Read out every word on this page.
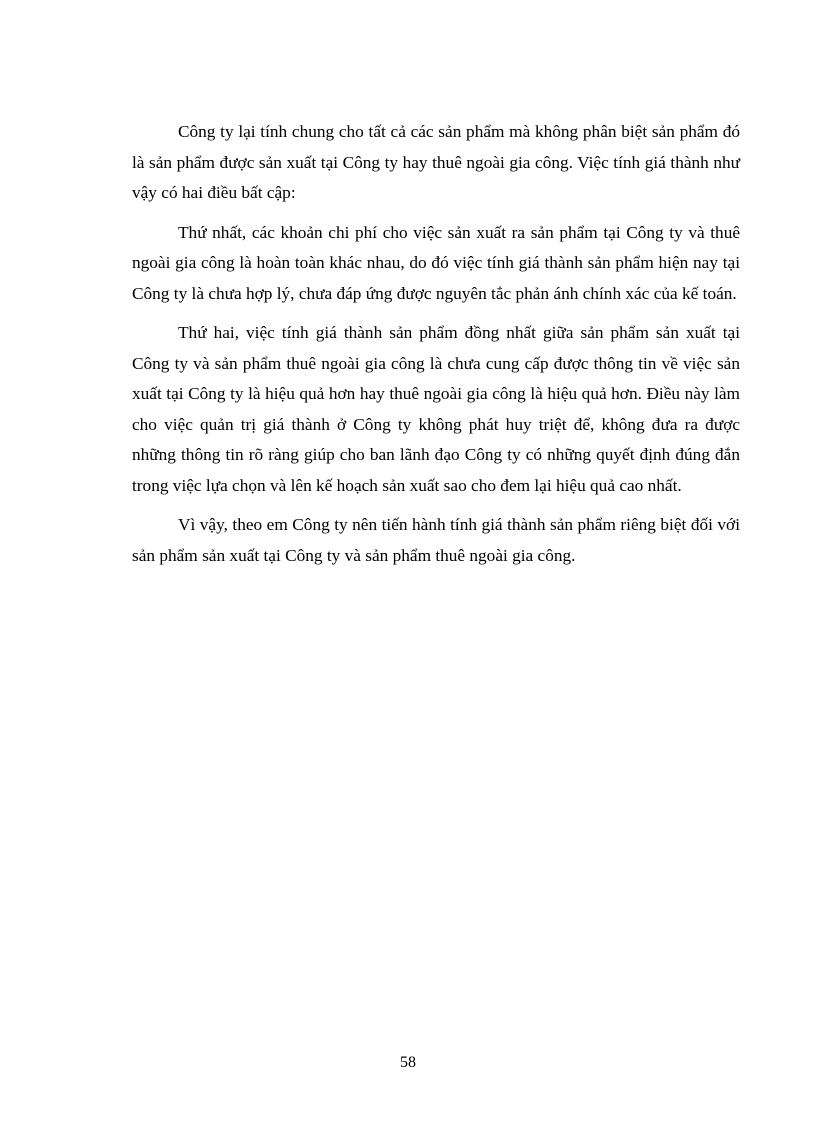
Công ty lại tính chung cho tất cả các sản phẩm mà không phân biệt sản phẩm đó là sản phẩm được sản xuất tại Công ty hay thuê ngoài gia công. Việc tính giá thành như vậy có hai điều bất cập:

Thứ nhất, các khoản chi phí cho việc sản xuất ra sản phẩm tại Công ty và thuê ngoài gia công là hoàn toàn khác nhau, do đó việc tính giá thành sản phẩm hiện nay tại Công ty là chưa hợp lý, chưa đáp ứng được nguyên tắc phản ánh chính xác của kế toán.

Thứ hai, việc tính giá thành sản phẩm đồng nhất giữa sản phẩm sản xuất tại Công ty và sản phẩm thuê ngoài gia công là chưa cung cấp được thông tin về việc sản xuất tại Công ty là hiệu quả hơn hay thuê ngoài gia công là hiệu quả hơn. Điều này làm cho việc quản trị giá thành ở Công ty không phát huy triệt để, không đưa ra được những thông tin rõ ràng giúp cho ban lãnh đạo Công ty có những quyết định đúng đắn trong việc lựa chọn và lên kế hoạch sản xuất sao cho đem lại hiệu quả cao nhất.

Vì vậy, theo em Công ty nên tiến hành tính giá thành sản phẩm riêng biệt đối với sản phẩm sản xuất tại Công ty và sản phẩm thuê ngoài gia công.

58
